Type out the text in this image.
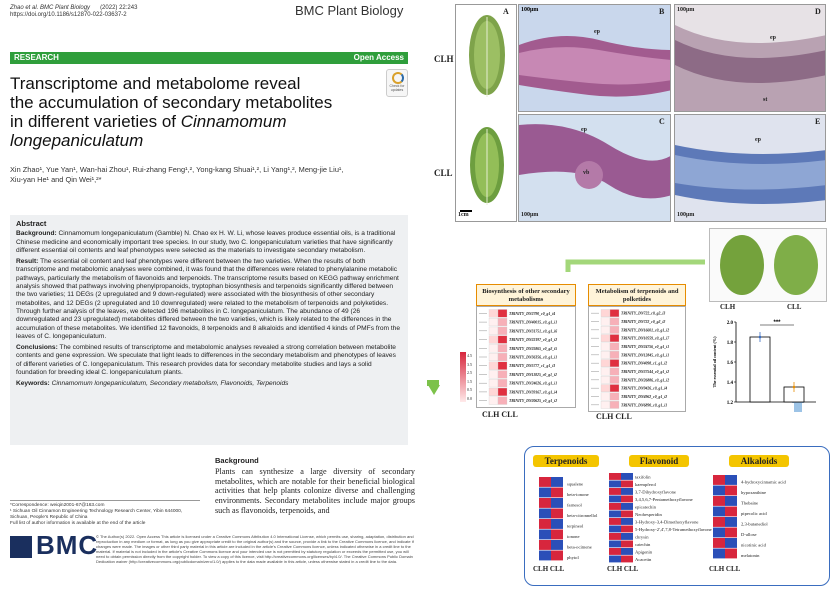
Zhao et al. BMC Plant Biology (2022) 22:243
https://doi.org/10.1186/s12870-022-03637-2	BMC Plant Biology
RESEARCH	Open Access
Check for updates
Transcriptome and metabolome reveal
the accumulation of secondary metabolites
in different varieties of Cinnamomum
longepaniculatum
Xin Zhao¹, Yue Yan¹, Wan-hai Zhou¹, Rui-zhang Feng¹,², Yong-kang Shuai¹,², Li Yang¹,², Meng-jie Liu¹,
Xiu-yan He¹ and Qin Wei¹,²*
Abstract

Background: Cinnamomum longepaniculatum (Gamble) N. Chao ex H. W. Li, whose leaves produce essential oils, is a traditional Chinese medicine and economically important tree species. In our study, two C. longepaniculatum varieties that have significantly different essential oil contents and leaf phenotypes were selected as the materials to investigate secondary metabolism.

Result: The essential oil content and leaf phenotypes were different between the two varieties. When the results of both transcriptome and metabolomic analyses were combined, it was found that the differences were related to phenylalanine metabolic pathways, particularly the metabolism of flavonoids and terpenoids. The transcriptome results based on KEGG pathway enrichment analysis showed that pathways involving phenylpropanoids, tryptophan biosynthesis and terpenoids significantly differed between the two varieties; 11 DEGs (2 upregulated and 9 down-regulated) were associated with the biosynthesis of other secondary metabolites, and 12 DEGs (2 upregulated and 10 downregulated) were related to the metabolism of terpenoids and polyketides. Through further analysis of the leaves, we detected 196 metabolites in C. longepaniculatum. The abundance of 49 (26 downregulated and 23 upregulated) metabolites differed between the two varieties, which is likely related to the differences in the accumulation of these metabolites. We identified 12 flavonoids, 8 terpenoids and 8 alkaloids and identified 4 kinds of PMFs from the leaves of C. longepaniculatum.

Conclusions: The combined results of transcriptome and metabolomic analyses revealed a strong correlation between metabolite contents and gene expression. We speculate that light leads to differences in the secondary metabolism and phenotypes of leaves of different varieties of C. longepaniculatum. This research provides data for secondary metabolite studies and lays a solid foundation for breeding ideal C. longepaniculatum plants.

Keywords: Cinnamomum longepaniculatum, Secondary metabolism, Flavonoids, Terpenoids

Background
Plants can synthesize a large diversity of secondary metabolites, which are notable for their beneficial biological activities that help plants colonize diverse and challenging environments. Secondary metabolites include major groups such as flavonoids, terpenoids, and
*Correspondence: weiqin2001-67@163.com
¹ Sichuan Oil Cinnamon Engineering Technology Research Center, Yibin 644000, Sichuan, People's Republic of China
Full list of author information is available at the end of the article
BMC
© The Author(s) 2022. Open Access This article is licensed under a Creative Commons Attribution 4.0 International License, which permits use, sharing, adaptation, distribution and reproduction in any medium or format, as long as you give appropriate credit to the original author(s) and the source, provide a link to the Creative Commons licence, and indicate if changes were made. The images or other third party material in this article are included in the article's Creative Commons licence, unless indicated otherwise in a credit line to the material. If material is not included in the article's Creative Commons licence and your intended use is not permitted by statutory regulation or exceeds the permitted use, you will need to obtain permission directly from the copyright holder. To view a copy of this licence, visit http://creativecommons.org/licenses/by/4.0/. The Creative Commons Public Domain Dedication waiver (http://creativecommons.org/publicdomain/zero/1.0/) applies to the data made available in this article, unless otherwise stated in a credit line to the data.
CLH
CLL
A
1cm
B
100μm
ep
D
100μm
ep
st
C
100μm
ep
vb
E
100μm
ep
CLH	CLL
Biosynthesis of other secondary metabolisms
TRINITY_DN2790_c0_g1_i4
TRINITY_DN40015_c0_g1_i1
TRINITY_DN31751_c0_g1_i6
TRINITY_DN22197_c0_g1_i2
TRINITY_DN25865_c0_g2_i5
TRINITY_DN36356_c0_g1_i1
TRINITY_DN5777_c1_g1_i3
TRINITY_DN11825_c0_g1_i2
TRINITY_DN24626_c0_g1_i1
TRINITY_DN39167_c0_g1_i4
TRINITY_DN20625_c0_g1_i2
CLH CLL
4.5
3.5
2.5
1.5
0.5
0.0
Metabolism of terpenoids and polketides
TRINITY_DN722_c0_g2_i3
TRINITY_DN722_c0_g2_i2
TRINITY_DN16601_c0_g1_i2
TRINITY_DN10559_c0_g1_i7
TRINITY_DN24756_c0_g1_i1
TRINITY_DN12845_c0_g1_i1
TRINITY_DN4098_c1_g1_i2
TRINITY_DN37544_c0_g1_i2
TRINITY_DN26886_c0_g1_i2
TRINITY_DN9426_c0_g1_i4
TRINITY_DN4962_c0_g1_i2
TRINITY_DN6890_c0_g1_i1
CLH CLL
2.0
1.8
1.6
1.4
1.2
The essential oil content (%)
***
Terpenoids	Flavonoid	Alkaloids
squalene
beta-ionone
farnesol
beta-citronnellol
terpineol
ionone
beta-ocimene
phytol
taxifolin
kaempferol
3,7-Dihydroxyflavone
3,4,5,6,7-Pentamethoxyflavone
epicatechin
Neohesperidin
3-Hydroxy-3,4-Dimethoxyflavone
5-Hydroxy-2',4',7,8-Tetramethoxyflavone
chrysin
catechin
Apigenin
Acacetin
4-hydroxycinnamic acid
hypoxanthine
Thebaine
pipecolic acid
2,3-butanediol
D-allose
nicotinic acid
melatonin
CLH CLL	CLH CLL	CLH CLL
